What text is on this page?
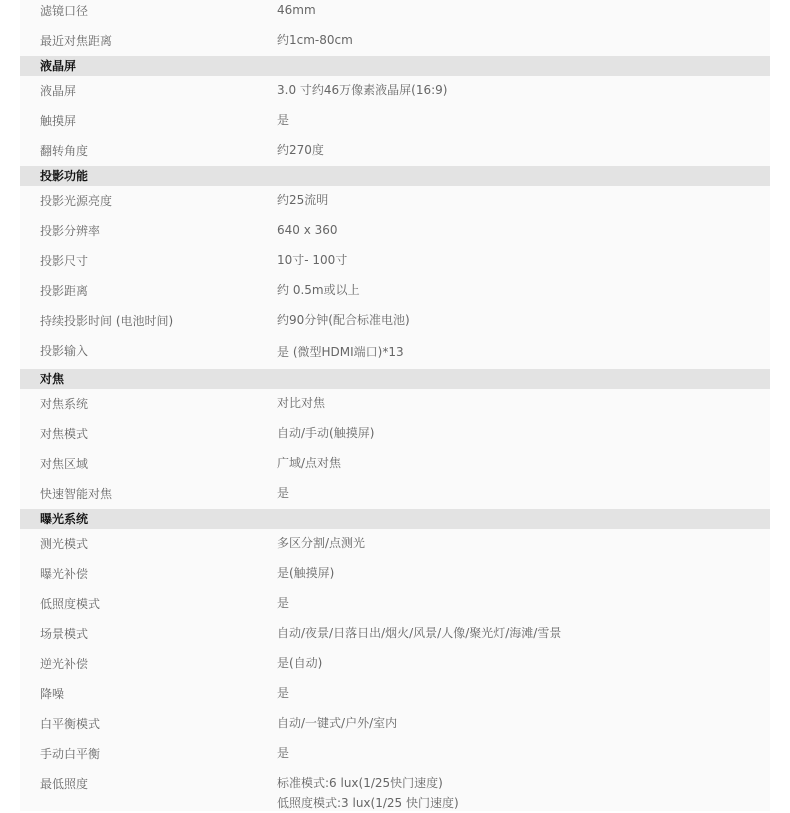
滤镜口径	46mm
最近对焦距离	约1cm-80cm
液晶屏
液晶屏	3.0 寸约46万像素液晶屏(16:9)
触摸屏	是
翻转角度	约270度
投影功能
投影光源亮度	约25流明
投影分辨率	640 x 360
投影尺寸	10寸- 100寸
投影距离	约 0.5m或以上
持续投影时间 (电池时间)	约90分钟(配合标准电池)
投影输入	是 (微型HDMI端口)*13
对焦
对焦系统	对比对焦
对焦模式	自动/手动(触摸屏)
对焦区域	广域/点对焦
快速智能对焦	是
曝光系统
测光模式	多区分割/点测光
曝光补偿	是(触摸屏)
低照度模式	是
场景模式	自动/夜景/日落日出/烟火/风景/人像/聚光灯/海滩/雪景
逆光补偿	是(自动)
降噪	是
白平衡模式	自动/一键式/户外/室内
手动白平衡	是
最低照度	标准模式:6 lux(1/25快门速度)
低照度模式:3 lux(1/25 快门速度)
